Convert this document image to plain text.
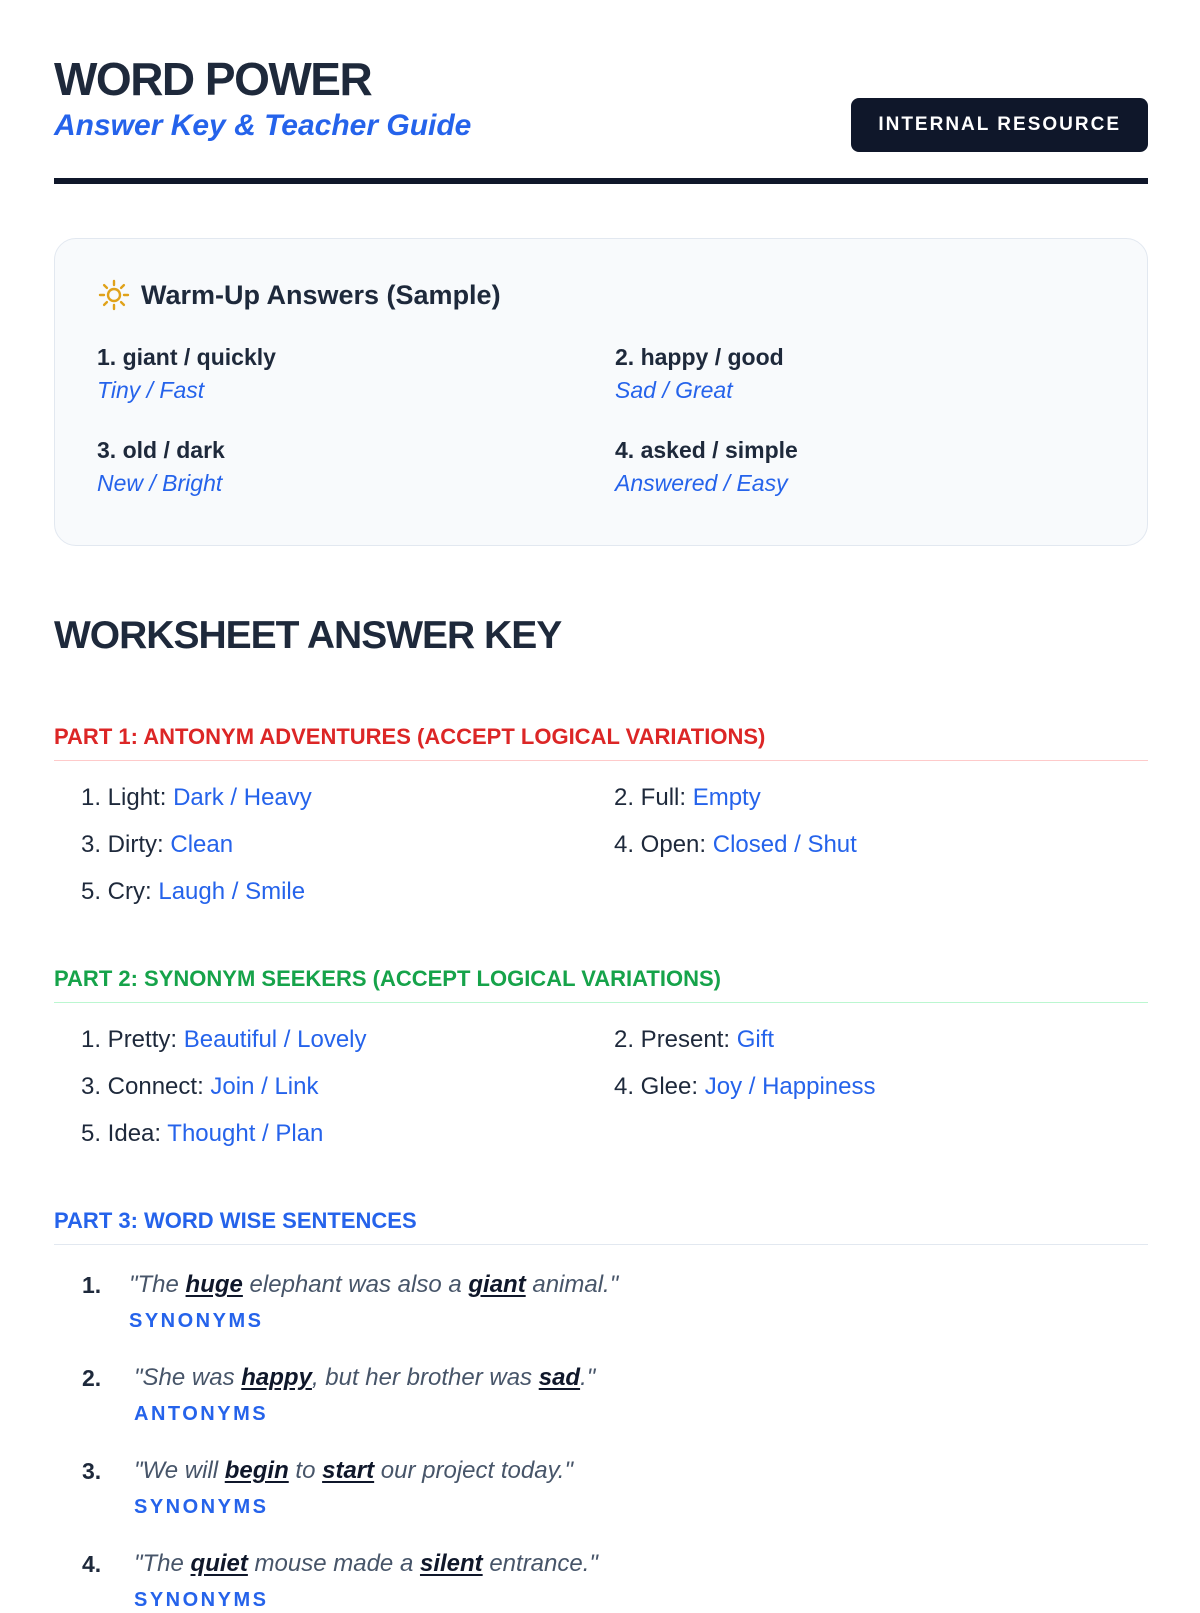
WORD POWER
Answer Key & Teacher Guide	INTERNAL RESOURCE
Warm-Up Answers (Sample)
1. giant / quickly
Tiny / Fast
2. happy / good
Sad / Great
3. old / dark
New / Bright
4. asked / simple
Answered / Easy
WORKSHEET ANSWER KEY
PART 1: ANTONYM ADVENTURES (ACCEPT LOGICAL VARIATIONS)
1. Light: Dark / Heavy	2. Full: Empty
3. Dirty: Clean	4. Open: Closed / Shut
5. Cry: Laugh / Smile
PART 2: SYNONYM SEEKERS (ACCEPT LOGICAL VARIATIONS)
1. Pretty: Beautiful / Lovely	2. Present: Gift
3. Connect: Join / Link	4. Glee: Joy / Happiness
5. Idea: Thought / Plan
PART 3: WORD WISE SENTENCES
1. "The huge elephant was also a giant animal."
SYNONYMS
2. "She was happy, but her brother was sad."
ANTONYMS
3. "We will begin to start our project today."
SYNONYMS
4. "The quiet mouse made a silent entrance."
SYNONYMS
